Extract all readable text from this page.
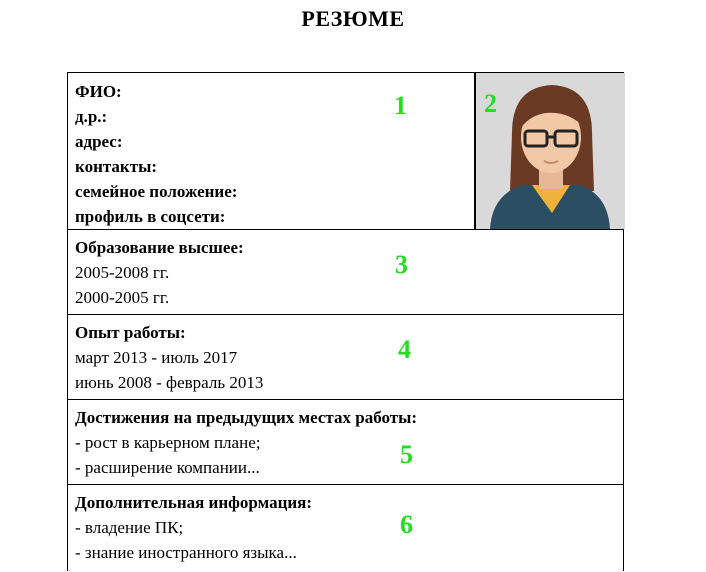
РЕЗЮМЕ
ФИО:
д.р.:
адрес:
контакты:
семейное положение:
профиль в соцсети:
1	2
Образование высшее:
2005-2008 гг.
2000-2005 гг.
3
Опыт работы:
март 2013 - июль 2017
июнь 2008 - февраль 2013
4
Достижения на предыдущих местах работы:
- рост в карьерном плане;
- расширение компании...	5
Дополнительная информация:
- владение ПК;
- знание иностранного языка...
6
